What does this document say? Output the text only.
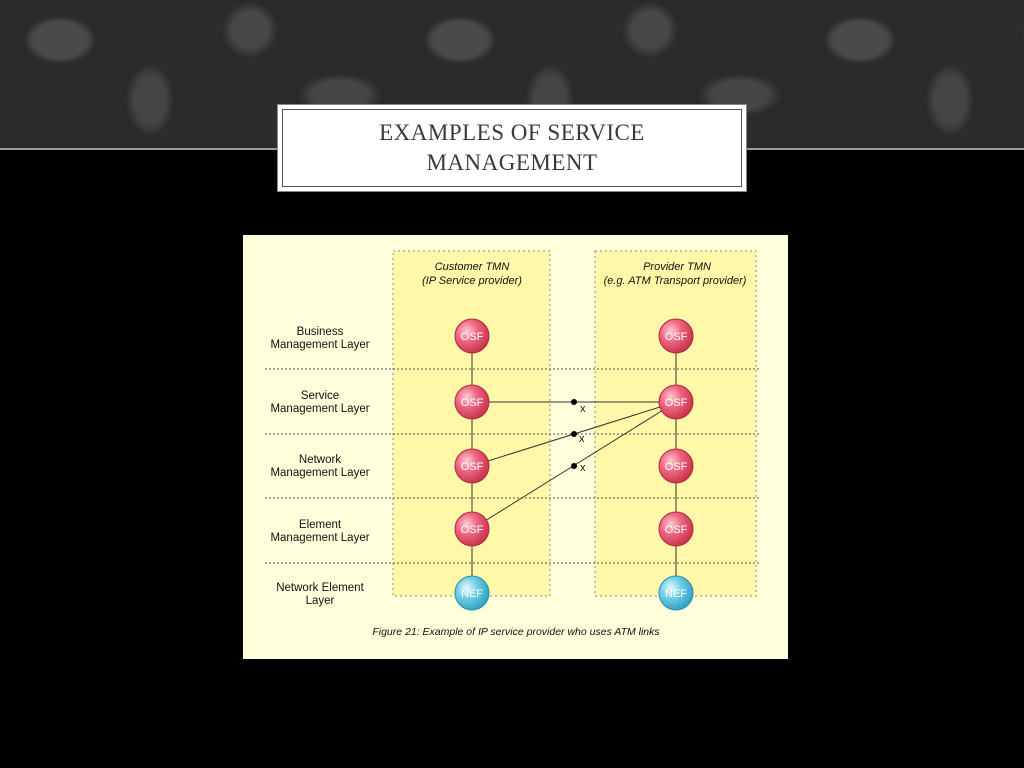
EXAMPLES OF SERVICE MANAGEMENT
Customer TMN
(IP Service provider)
Provider TMN
(e.g. ATM Transport provider)
x
x
x
Business
Management Layer
Service
Management Layer
Network
Management Layer
Element
Management Layer
Network Element
Layer
OSF
OSF
OSF
OSF
NEF
OSF
OSF
OSF
OSF
NEF
Figure 21: Example of IP service provider who uses ATM links
